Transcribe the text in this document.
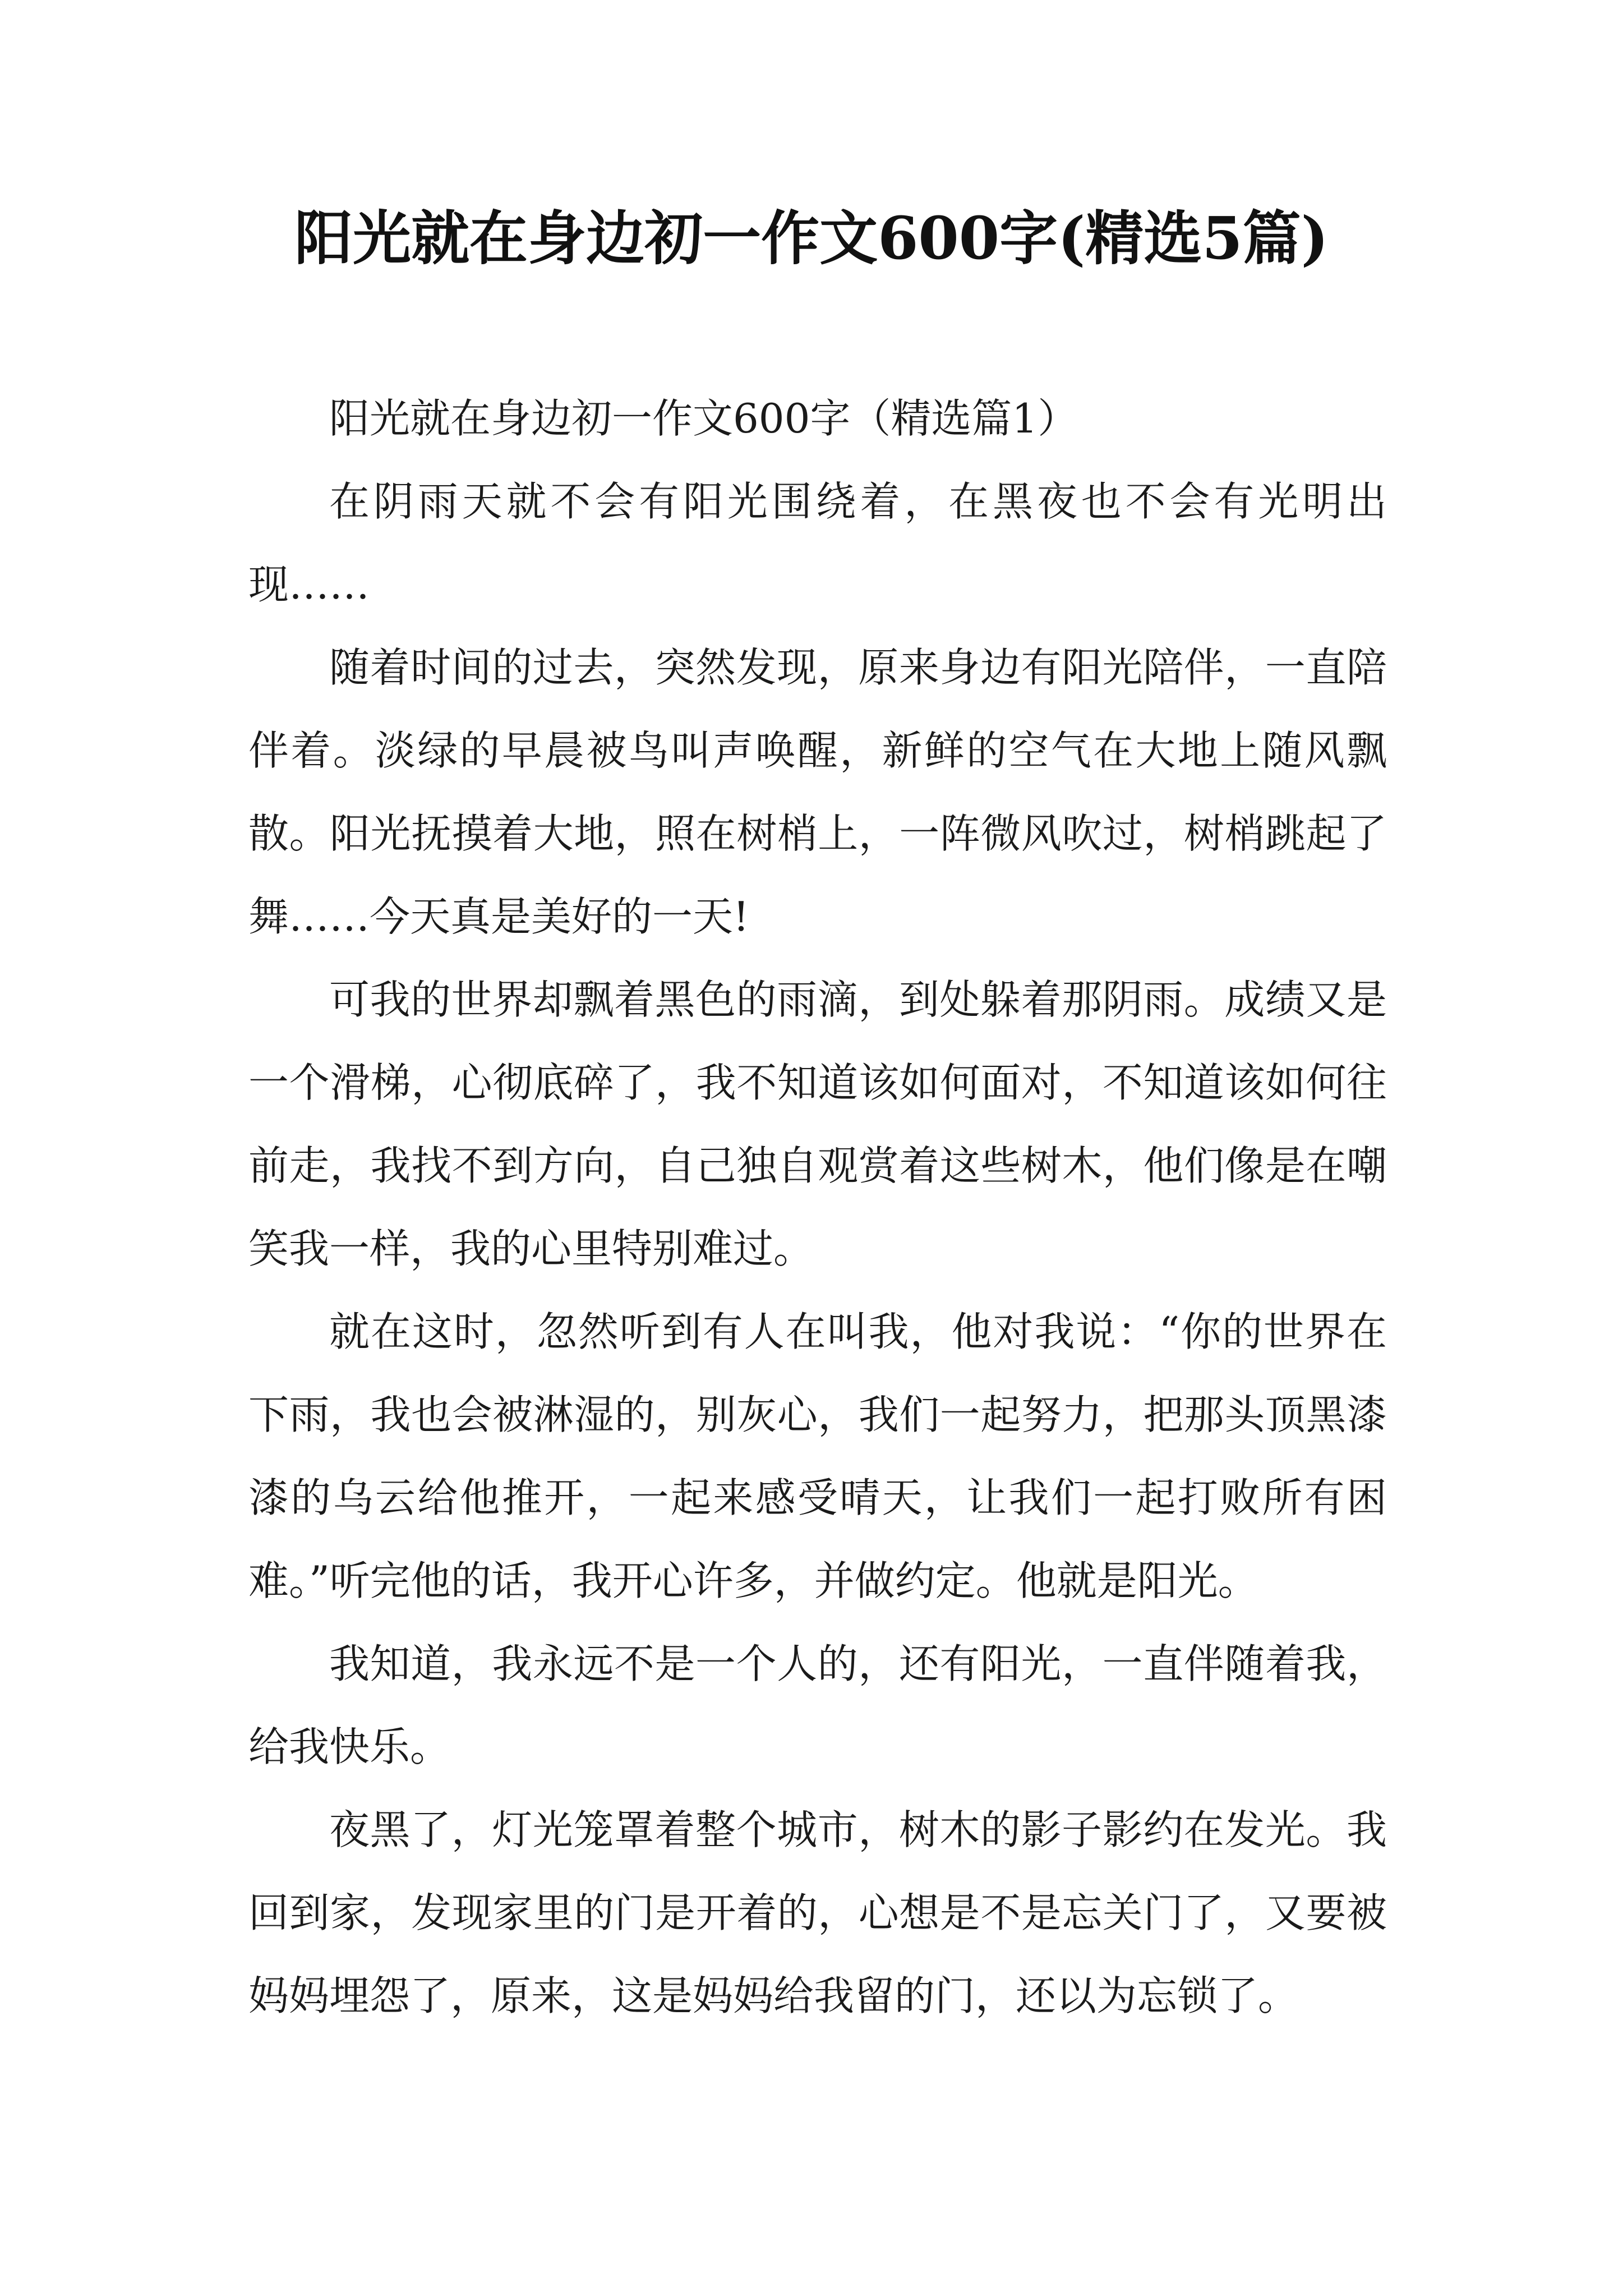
阳光就在身边初一作文600字(精选5篇)

阳光就在身边初一作文600字（精选篇1）

在阴雨天就不会有阳光围绕着，在黑夜也不会有光明出现……

随着时间的过去，突然发现，原来身边有阳光陪伴，一直陪伴着。淡绿的早晨被鸟叫声唤醒，新鲜的空气在大地上随风飘散。阳光抚摸着大地，照在树梢上，一阵微风吹过，树梢跳起了舞……今天真是美好的一天!

可我的世界却飘着黑色的雨滴，到处躲着那阴雨。成绩又是一个滑梯，心彻底碎了，我不知道该如何面对，不知道该如何往前走，我找不到方向，自己独自观赏着这些树木，他们像是在嘲笑我一样，我的心里特别难过。

就在这时，忽然听到有人在叫我，他对我说：“你的世界在下雨，我也会被淋湿的，别灰心，我们一起努力，把那头顶黑漆漆的乌云给他推开，一起来感受晴天，让我们一起打败所有困难。”听完他的话，我开心许多，并做约定。他就是阳光。

我知道，我永远不是一个人的，还有阳光，一直伴随着我，给我快乐。

夜黑了，灯光笼罩着整个城市，树木的影子影约在发光。我回到家，发现家里的门是开着的，心想是不是忘关门了，又要被妈妈埋怨了，原来，这是妈妈给我留的门，还以为忘锁了。
